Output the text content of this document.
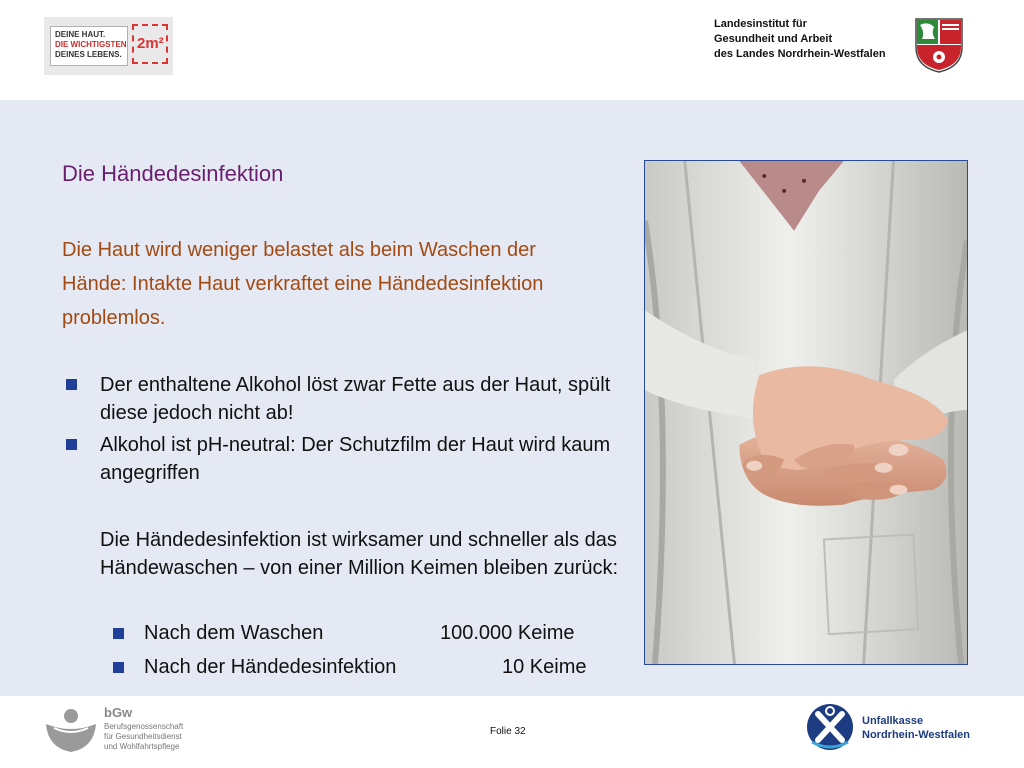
DEINE HAUT.
DIE WICHTIGSTEN
DEINES LEBENS.
2m²
Landesinstitut für
Gesundheit und Arbeit
des Landes Nordrhein-Westfalen
Die Händedesinfektion
Die Haut wird weniger belastet als beim Waschen der Hände: Intakte Haut verkraftet eine Händedesinfektion problemlos.
Der enthaltene Alkohol löst zwar Fette aus der Haut, spült diese jedoch nicht ab!
Alkohol ist pH-neutral: Der Schutzfilm der Haut wird kaum angegriffen
Die Händedesinfektion ist wirksamer und schneller als das Händewaschen – von einer Million Keimen bleiben zurück:
Nach dem Waschen	100.000 Keime
Nach der Händedesinfektion	10 Keime
bGw
Berufsgenossenschaft
für Gesundheitsdienst
und Wohlfahrtspflege
Folie 32
Unfallkasse
Nordrhein-Westfalen
